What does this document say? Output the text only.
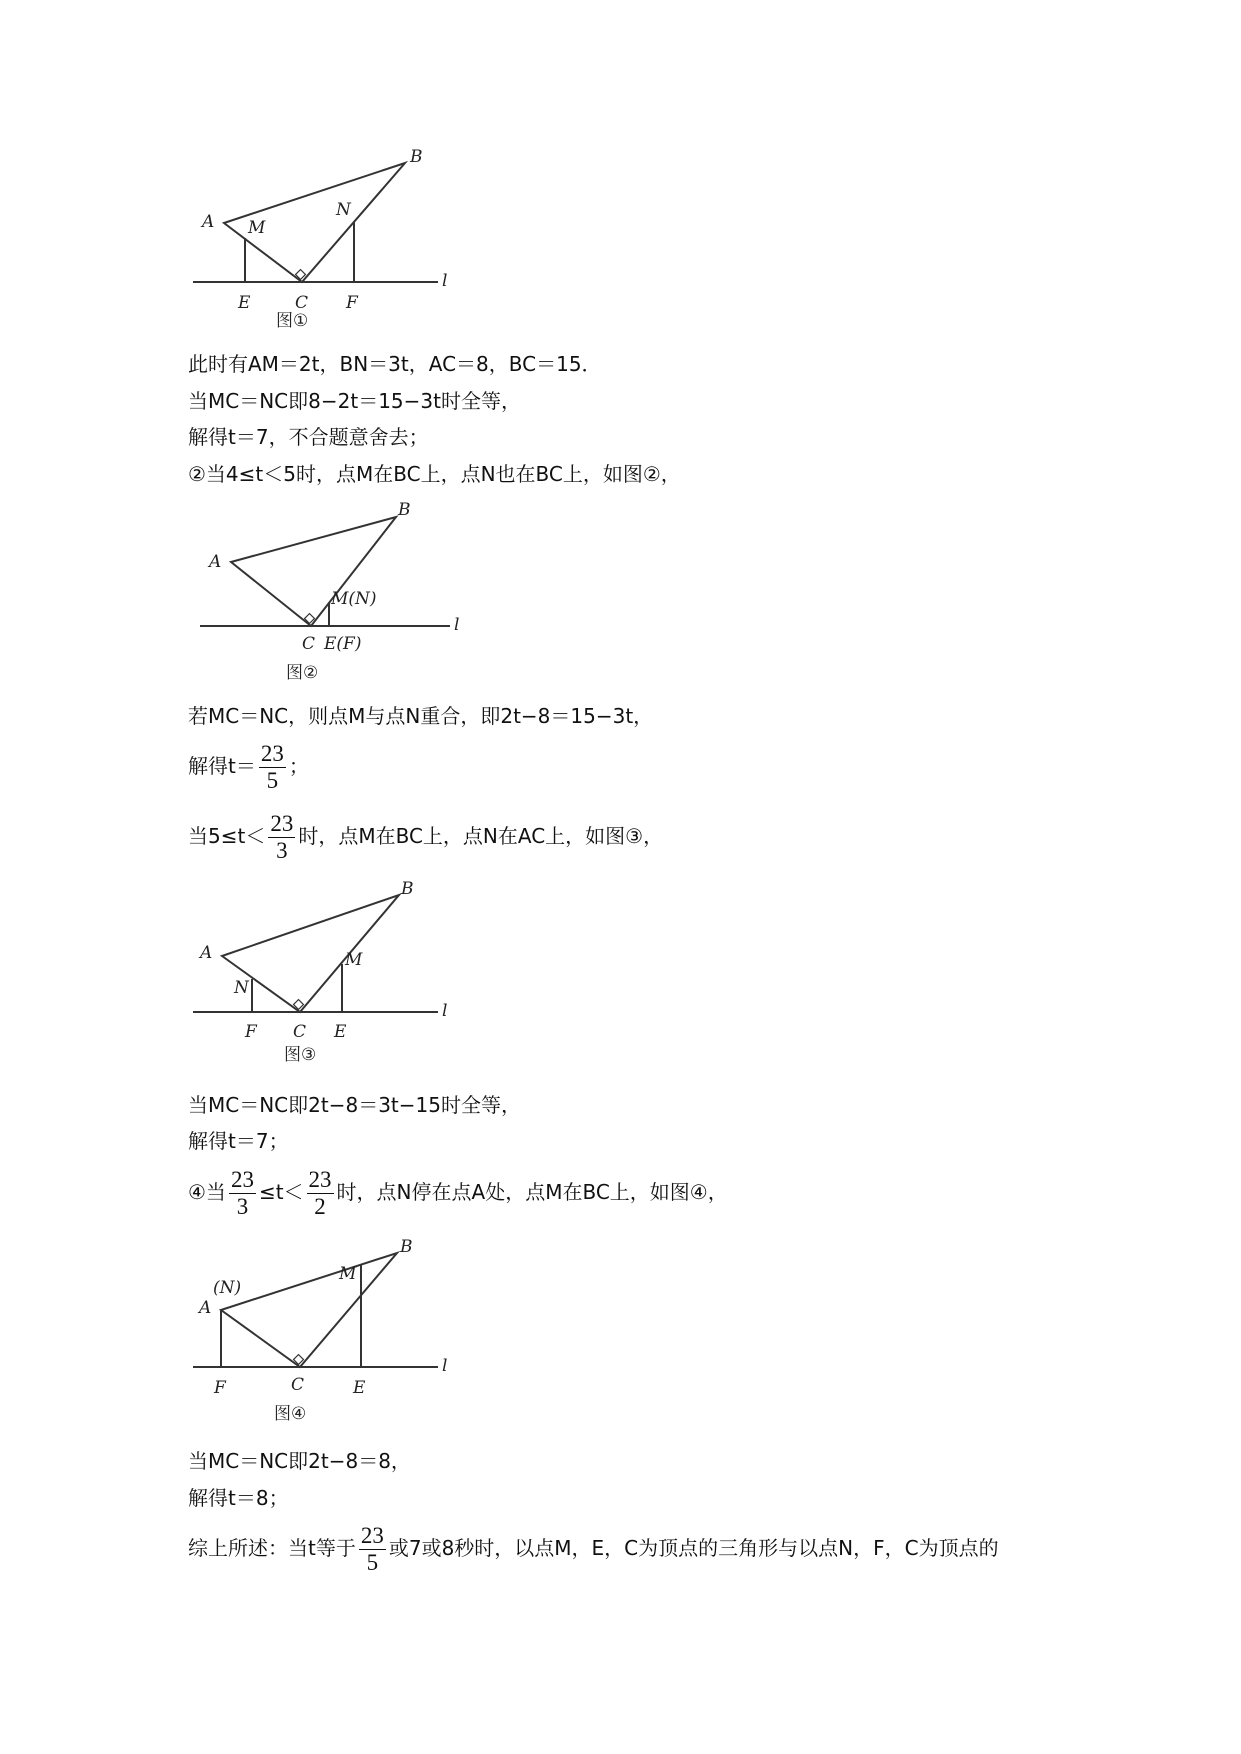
A
B
M
N
E	C F
l
图①
此时有AM＝2t，BN＝3t，AC＝8，BC＝15．
当MC＝NC即8−2t＝15−3t时全等，
解得t＝7，不合题意舍去；
②当4≤t＜5时，点M在BC上，点N也在BC上，如图②，
A
B
M(N)
C E(F)
l
图②
若MC＝NC，则点M与点N重合，即2t−8＝15−3t，
解得$t= \frac{23}{5}$ ；
当$5\le t< \frac{23}{3}$ 时，点M在BC上，点N在AC上，如图③，
A
B
N
M
F C E
l
图③
当MC＝NC即2t−8＝3t−15时全等，
解得t＝7；
④当 $\frac{23}{3} \le t< \frac{23}{2}$ 时，点N停在点A处，点M在BC上，如图④，
A
(N)
B
M
F	C	E
l
图④
当MC＝NC即2t−8＝8，
解得t＝8；
综上所述：当t等于 $\frac{23}{5}$ 或7或8秒时，以点M，E，C为顶点的三角形与以点N，F，C为顶点的
